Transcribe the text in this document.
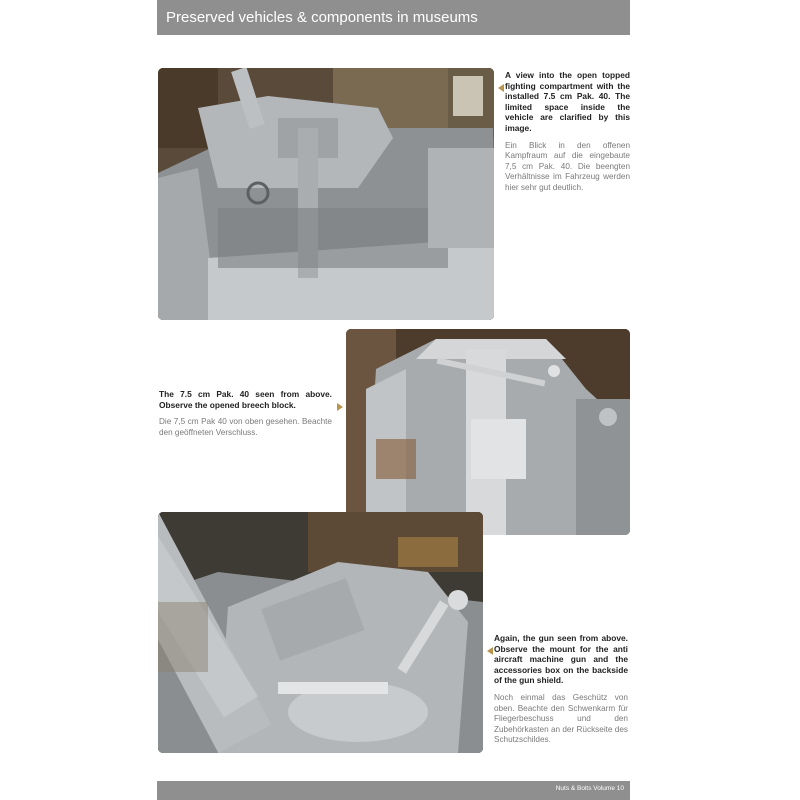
Preserved vehicles & components in museums

A view into the open topped fighting compartment with the installed 7.5 cm Pak. 40. The limited space inside the vehicle are clarified by this image.

Ein Blick in den offenen Kampfraum auf die eingebaute 7,5 cm Pak. 40. Die beengten Verhältnisse im Fahrzeug werden hier sehr gut deutlich.

The 7.5 cm Pak. 40 seen from above. Observe the opened breech block.

Die 7,5 cm Pak 40 von oben gesehen. Beachte den geöffneten Verschluss.

Again, the gun seen from above. Observe the mount for the anti aircraft machine gun and the accessories box on the backside of the gun shield.

Noch einmal das Geschütz von oben. Beachte den Schwenkarm für Fliegerbeschuss und den Zubehörkasten an der Rückseite des Schutzschildes.

Nuts & Bolts Volume 10
